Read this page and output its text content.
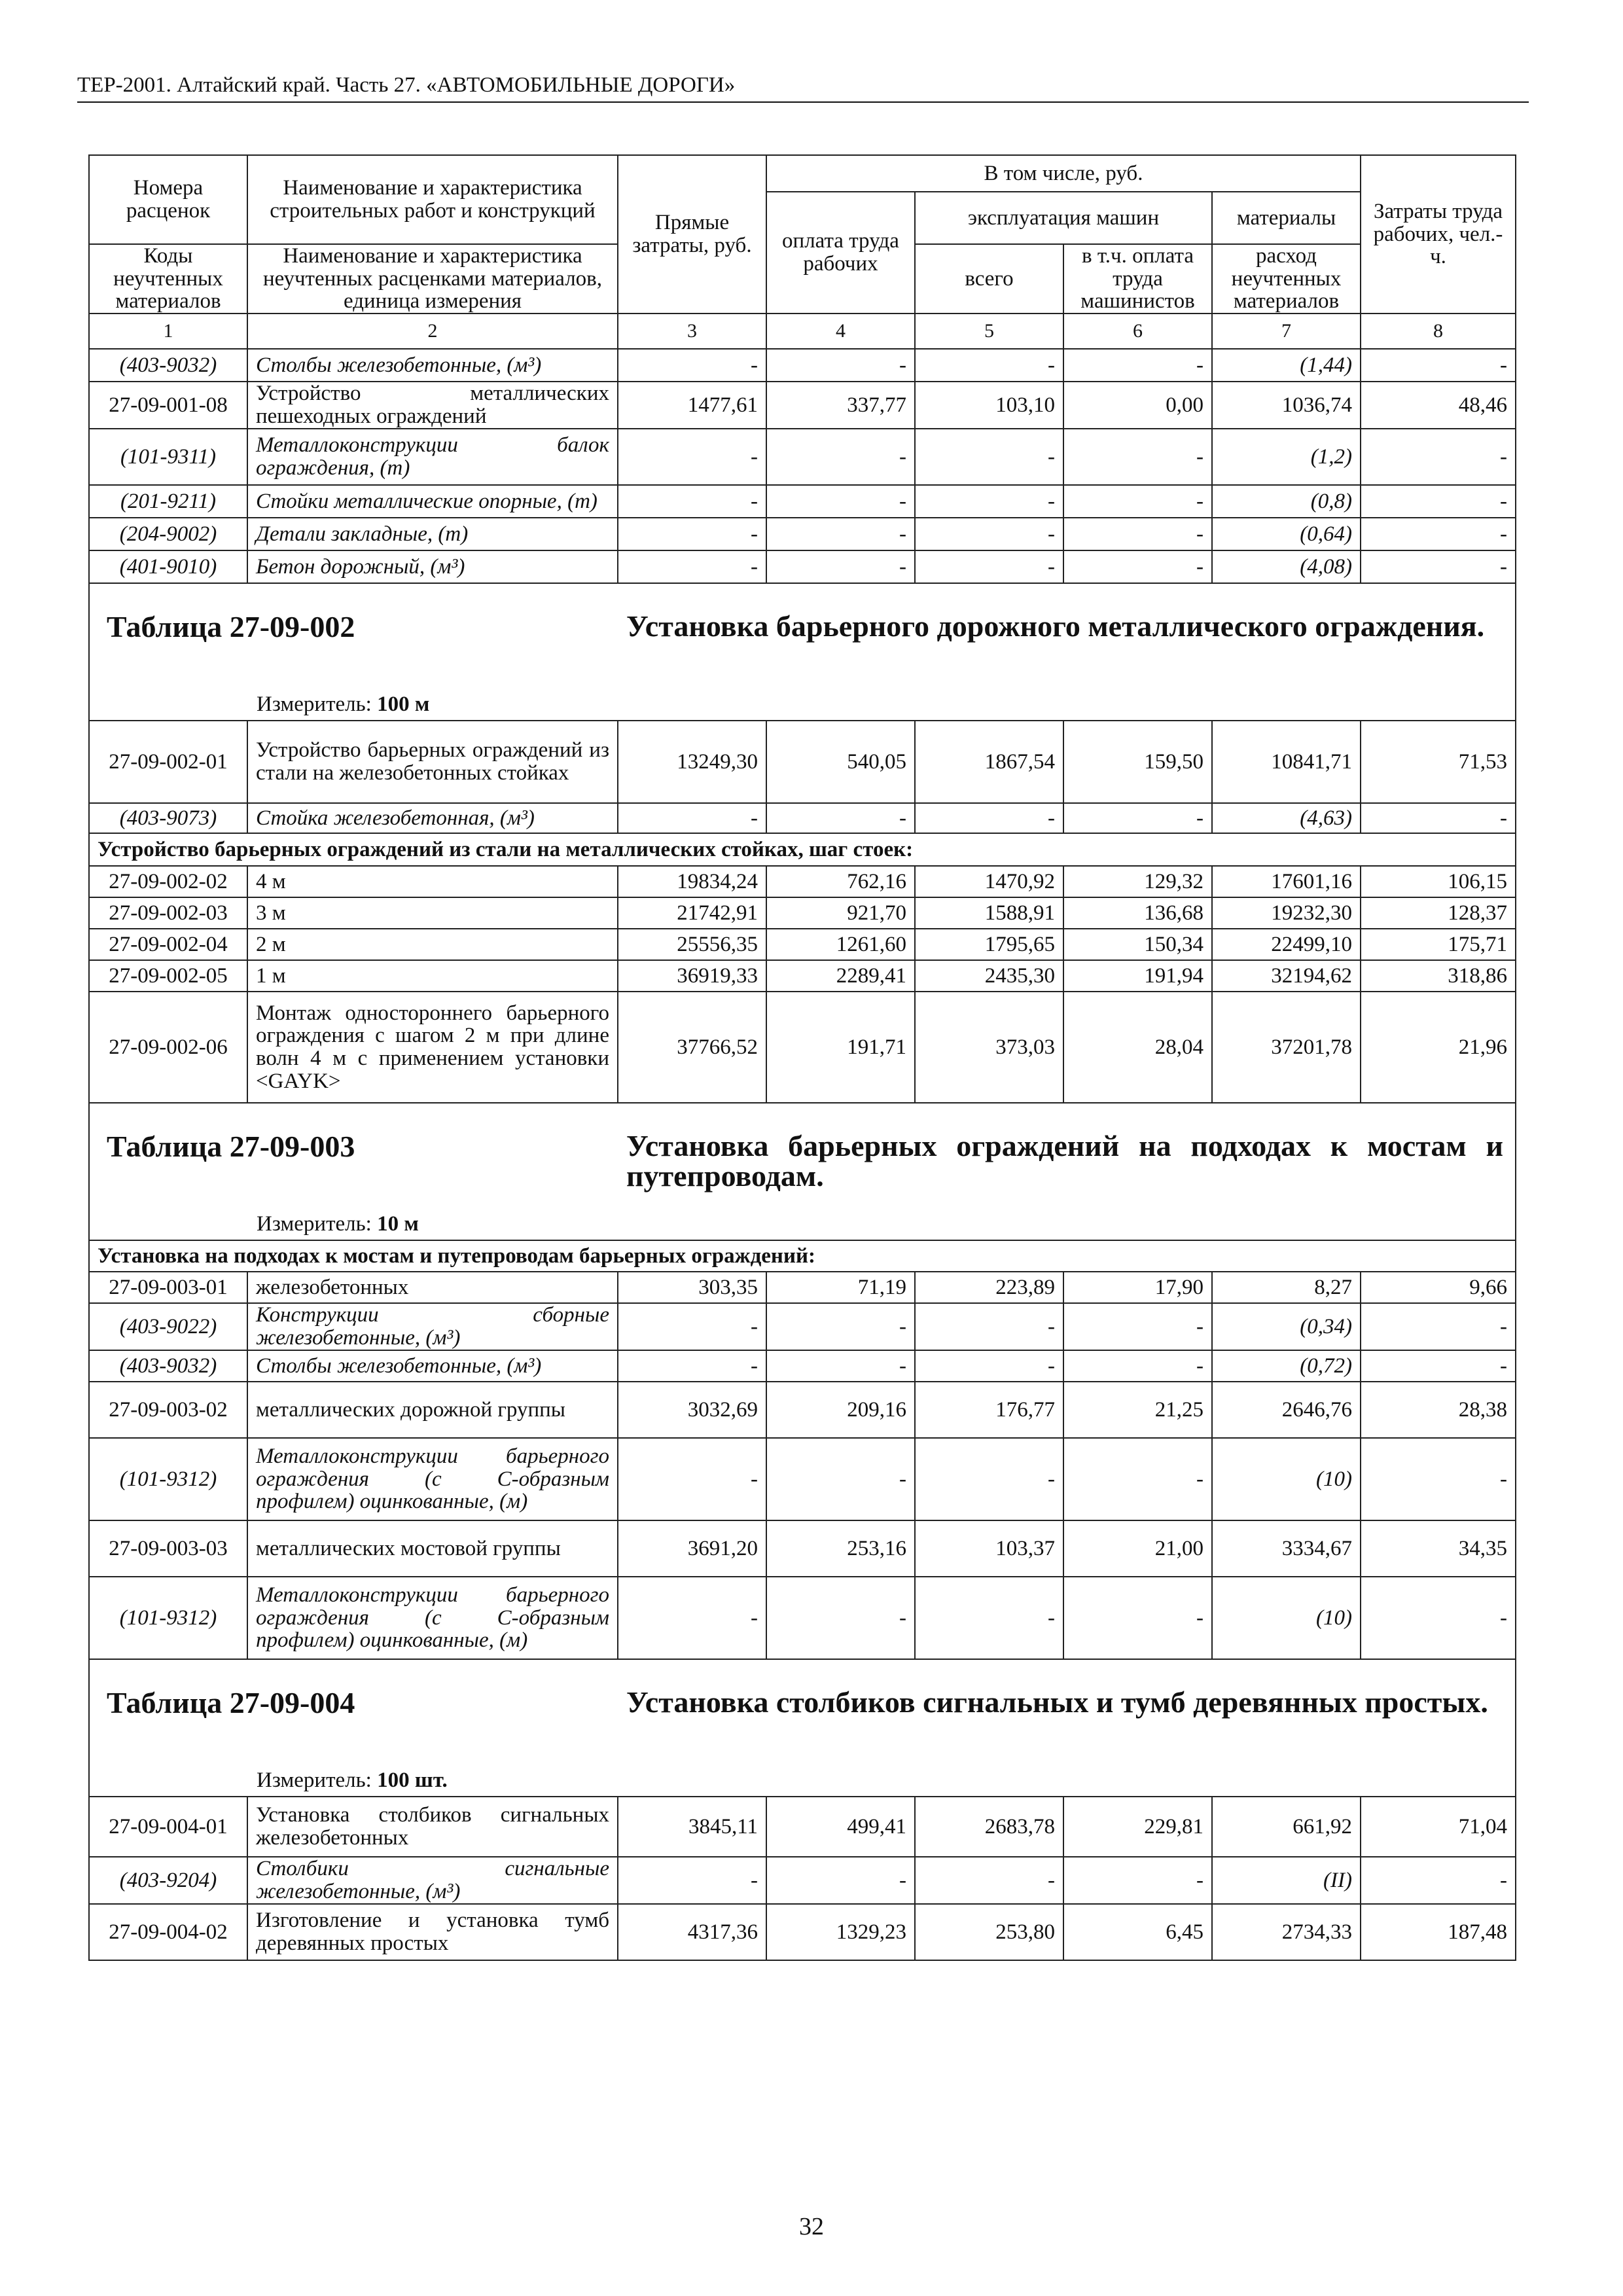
ТЕР-2001. Алтайский край. Часть 27. «АВТОМОБИЛЬНЫЕ ДОРОГИ»
Номера расценок	Наименование и характеристика строительных работ и конструкций	Прямые затраты, руб.	В том числе, руб.				Затраты труда рабочих, чел.-ч.
			оплата труда рабочих	эксплуатация машин		материалы	
Коды неучтенных материалов	Наименование и характеристика неучтенных расценками материалов, единица измерения			всего	в т.ч. оплата труда машинистов	расход неучтенных материалов	
1	2	3	4	5	6	7	8
(403-9032)	Столбы железобетонные, (м³)	-	-	-	-	(1,44)	-
27-09-001-08	Устройство металлических пешеходных ограждений	1477,61	337,77	103,10	0,00	1036,74	48,46
(101-9311)	Металлоконструкции балок ограждения, (т)	-	-	-	-	(1,2)	-
(201-9211)	Стойки металлические опорные, (т)	-	-	-	-	(0,8)	-
(204-9002)	Детали закладные, (т)	-	-	-	-	(0,64)	-
(401-9010)	Бетон дорожный, (м³)	-	-	-	-	(4,08)	-

Таблица 27-09-002 Установка барьерного дорожного металлического ограждения.
Измеритель: 100 м							

27-09-002-01	Устройство барьерных ограждений из стали на железобетонных стойках	13249,30	540,05	1867,54	159,50	10841,71	71,53
(403-9073)	Стойка железобетонная, (м³)	-	-	-	-	(4,63)	-
Устройство барьерных ограждений из стали на металлических стойках, шаг стоек:							
27-09-002-02	4 м	19834,24	762,16	1470,92	129,32	17601,16	106,15
27-09-002-03	3 м	21742,91	921,70	1588,91	136,68	19232,30	128,37
27-09-002-04	2 м	25556,35	1261,60	1795,65	150,34	22499,10	175,71
27-09-002-05	1 м	36919,33	2289,41	2435,30	191,94	32194,62	318,86
27-09-002-06	Монтаж одностороннего барьерного ограждения с шагом 2 м при длине волн 4 м с применением установки <GAYK>	37766,52	191,71	373,03	28,04	37201,78	21,96

Таблица 27-09-003 Установка барьерных ограждений на подходах к мостам и путепроводам.
Измеритель: 10 м							

Установка на подходах к мостам и путепроводам барьерных ограждений:							
27-09-003-01	железобетонных	303,35	71,19	223,89	17,90	8,27	9,66
(403-9022)	Конструкции сборные железобетонные, (м³)	-	-	-	-	(0,34)	-
(403-9032)	Столбы железобетонные, (м³)	-	-	-	-	(0,72)	-
27-09-003-02	металлических дорожной группы	3032,69	209,16	176,77	21,25	2646,76	28,38
(101-9312)	Металлоконструкции барьерного ограждения (с С-образным профилем) оцинкованные, (м)	-	-	-	-	(10)	-
27-09-003-03	металлических мостовой группы	3691,20	253,16	103,37	21,00	3334,67	34,35
(101-9312)	Металлоконструкции барьерного ограждения (с С-образным профилем) оцинкованные, (м)	-	-	-	-	(10)	-

Таблица 27-09-004 Установка столбиков сигнальных и тумб деревянных простых.
Измеритель: 100 шт.							

27-09-004-01	Установка столбиков сигнальных железобетонных	3845,11	499,41	2683,78	229,81	661,92	71,04
(403-9204)	Столбики сигнальные железобетонные, (м³)	-	-	-	-	(II)	-
27-09-004-02	Изготовление и установка тумб деревянных простых	4317,36	1329,23	253,80	6,45	2734,33	187,48
32
